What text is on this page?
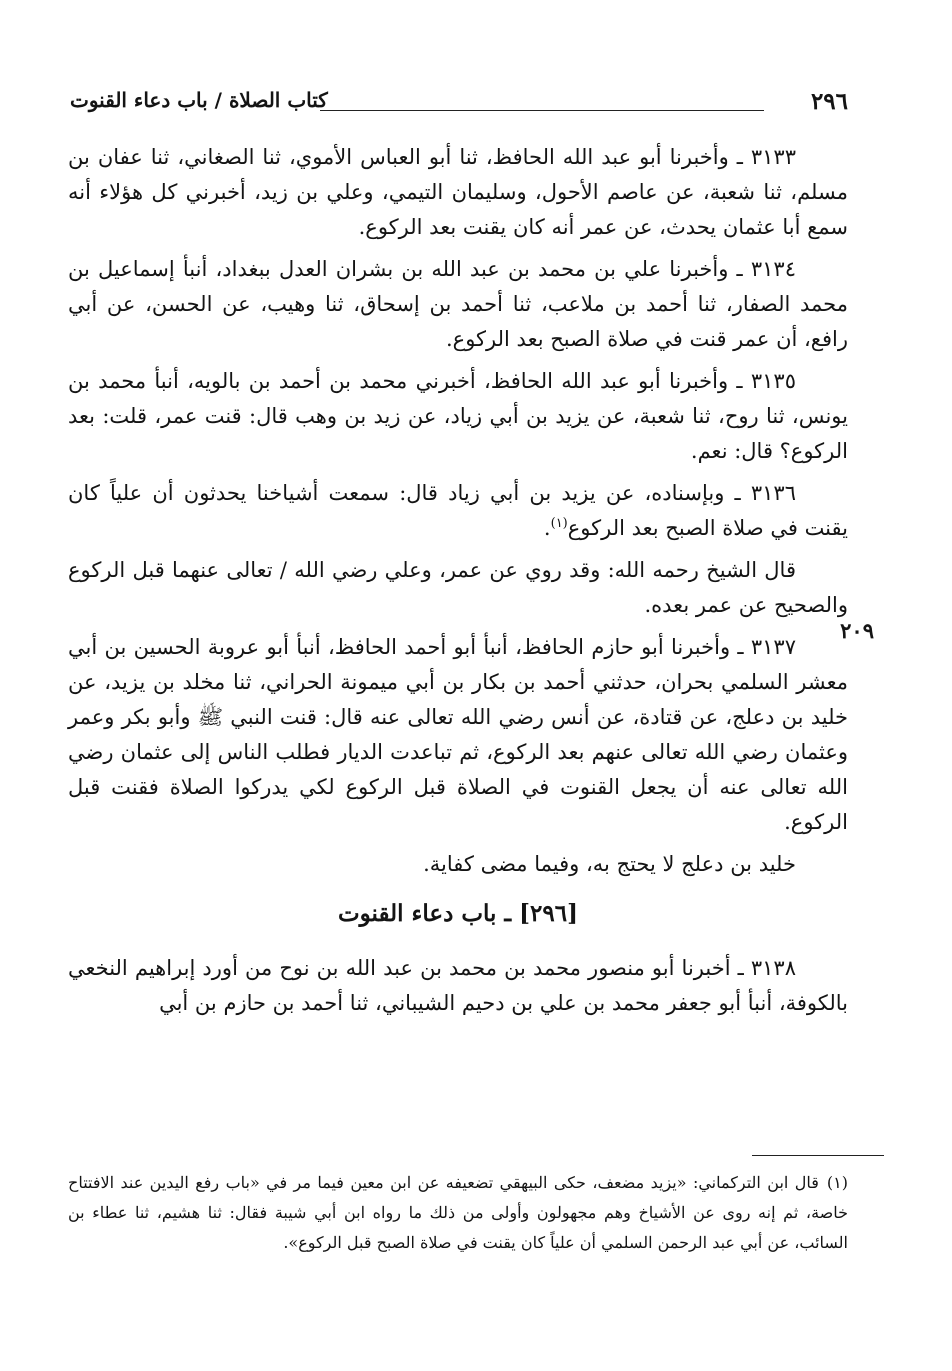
٢٩٦
كتاب الصلاة / باب دعاء القنوت
٢٠٩

٣١٣٣ ـ وأخبرنا أبو عبد الله الحافظ، ثنا أبو العباس الأموي، ثنا الصغاني، ثنا عفان بن مسلم، ثنا شعبة، عن عاصم الأحول، وسليمان التيمي، وعلي بن زيد، أخبرني كل هؤلاء أنه سمع أبا عثمان يحدث، عن عمر أنه كان يقنت بعد الركوع.

٣١٣٤ ـ وأخبرنا علي بن محمد بن عبد الله بن بشران العدل ببغداد، أنبأ إسماعيل بن محمد الصفار، ثنا أحمد بن ملاعب، ثنا أحمد بن إسحاق، ثنا وهيب، عن الحسن، عن أبي رافع، أن عمر قنت في صلاة الصبح بعد الركوع.

٣١٣٥ ـ وأخبرنا أبو عبد الله الحافظ، أخبرني محمد بن أحمد بن بالويه، أنبأ محمد بن يونس، ثنا روح، ثنا شعبة، عن يزيد بن أبي زياد، عن زيد بن وهب قال: قنت عمر، قلت: بعد الركوع؟ قال: نعم.

٣١٣٦ ـ وبإسناده، عن يزيد بن أبي زياد قال: سمعت أشياخنا يحدثون أن علياً كان يقنت في صلاة الصبح بعد الركوع$^{(١)}$.

قال الشيخ رحمه الله: وقد روي عن عمر، وعلي رضي الله / تعالى عنهما قبل الركوع والصحيح عن عمر بعده.

٣١٣٧ ـ وأخبرنا أبو حازم الحافظ، أنبأ أبو أحمد الحافظ، أنبأ أبو عروبة الحسين بن أبي معشر السلمي بحران، حدثني أحمد بن بكار بن أبي ميمونة الحراني، ثنا مخلد بن يزيد، عن خليد بن دعلج، عن قتادة، عن أنس رضي الله تعالى عنه قال: قنت النبي ﷺ وأبو بكر وعمر وعثمان رضي الله تعالى عنهم بعد الركوع، ثم تباعدت الديار فطلب الناس إلى عثمان رضي الله تعالى عنه أن يجعل القنوت في الصلاة قبل الركوع لكي يدركوا الصلاة فقنت قبل الركوع.

خليد بن دعلج لا يحتج به، وفيما مضى كفاية.

[٢٩٦] ـ باب دعاء القنوت

٣١٣٨ ـ أخبرنا أبو منصور محمد بن محمد بن عبد الله بن نوح من أورد إبراهيم النخعي بالكوفة، أنبأ أبو جعفر محمد بن علي بن دحيم الشيباني، ثنا أحمد بن حازم بن أبي

(١)قال ابن التركماني: «يزيد مضعف، حكى البيهقي تضعيفه عن ابن معين فيما مر في «باب رفع اليدين عند الافتتاح خاصة، ثم إنه روى عن الأشياخ وهم مجهولون وأولى من ذلك ما رواه ابن أبي شيبة فقال: ثنا هشيم، ثنا عطاء بن السائب، عن أبي عبد الرحمن السلمي أن علياً كان يقنت في صلاة الصبح قبل الركوع».
